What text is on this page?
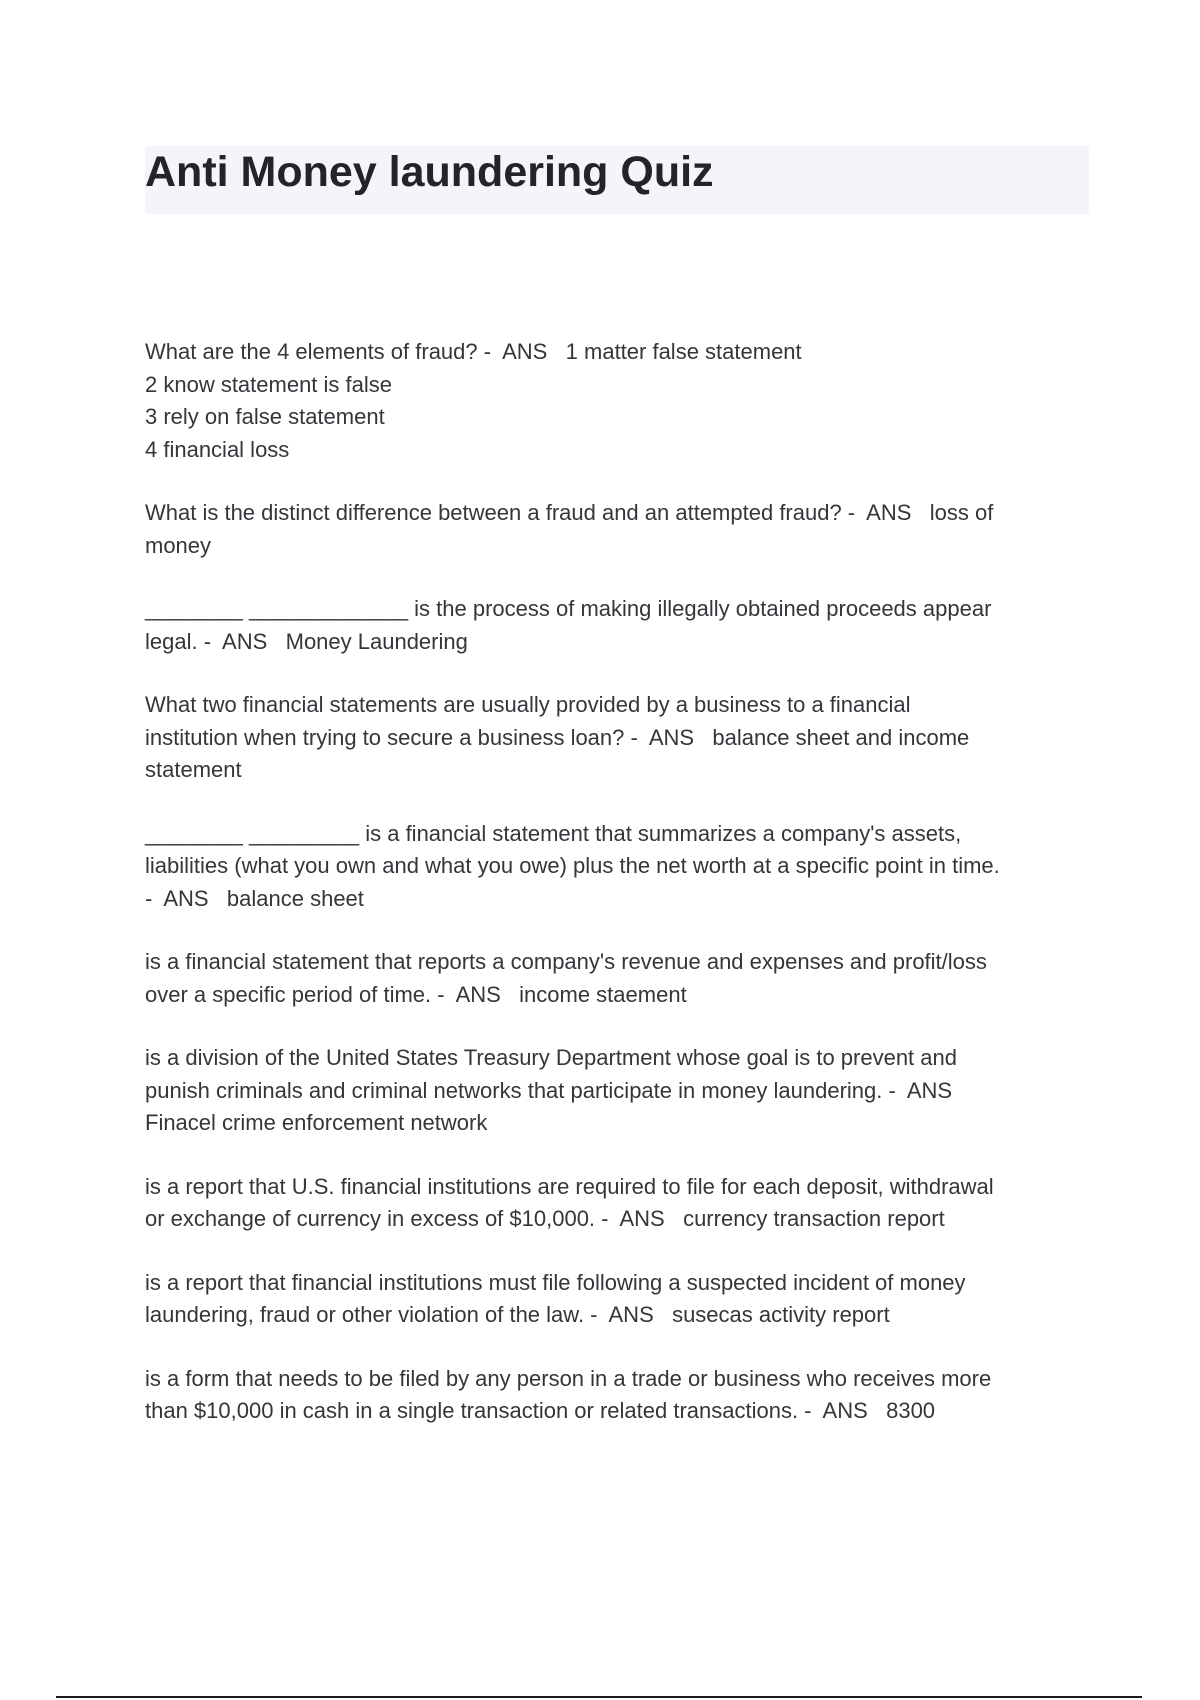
Anti Money laundering Quiz

What are the 4 elements of fraud? -  ANS   1 matter false statement
2 know statement is false
3 rely on false statement
4 financial loss

What is the distinct difference between a fraud and an attempted fraud? -  ANS   loss of
money

________ _____________ is the process of making illegally obtained proceeds appear
legal. -  ANS   Money Laundering

What two financial statements are usually provided by a business to a financial
institution when trying to secure a business loan? -  ANS   balance sheet and income
statement

________ _________ is a financial statement that summarizes a company's assets,
liabilities (what you own and what you owe) plus the net worth at a specific point in time.
-  ANS   balance sheet

is a financial statement that reports a company's revenue and expenses and profit/loss
over a specific period of time. -  ANS   income staement

is a division of the United States Treasury Department whose goal is to prevent and
punish criminals and criminal networks that participate in money laundering. -  ANS
Finacel crime enforcement network

is a report that U.S. financial institutions are required to file for each deposit, withdrawal
or exchange of currency in excess of $10,000. -  ANS   currency transaction report

is a report that financial institutions must file following a suspected incident of money
laundering, fraud or other violation of the law. -  ANS   susecas activity report

is a form that needs to be filed by any person in a trade or business who receives more
than $10,000 in cash in a single transaction or related transactions. -  ANS   8300
